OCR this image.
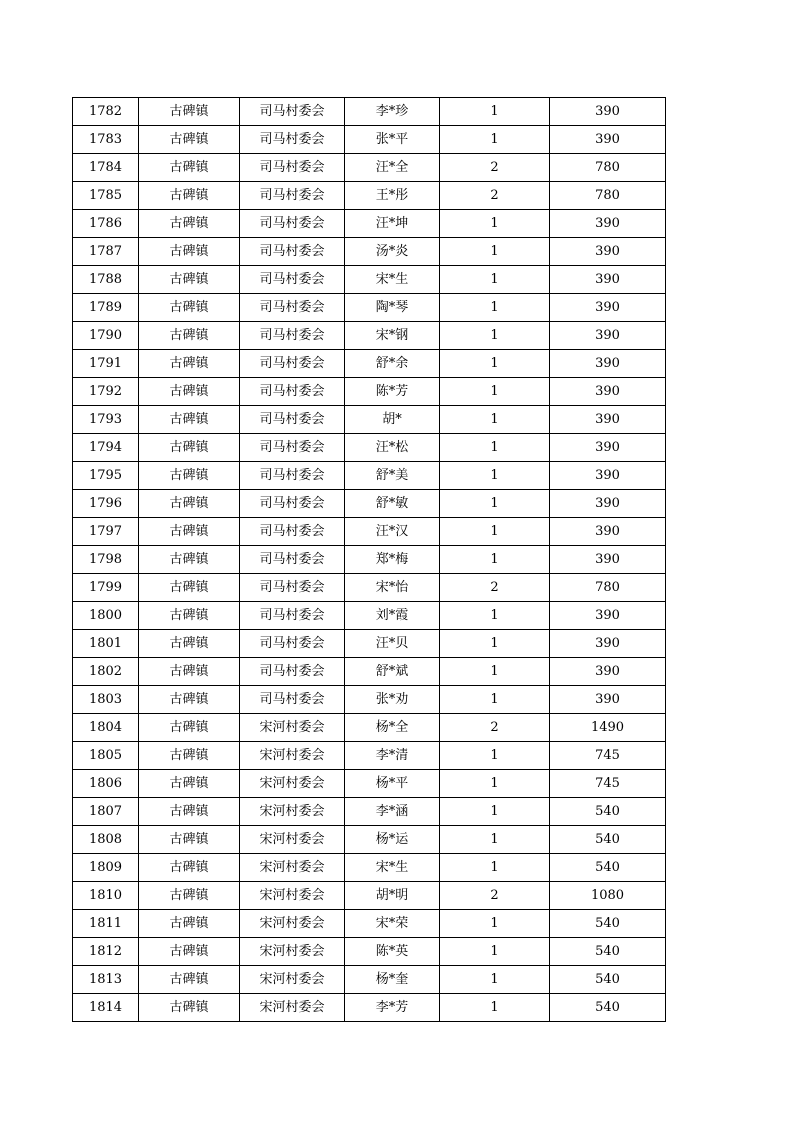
1782	古碑镇	司马村委会	李*珍	1	390
1783	古碑镇	司马村委会	张*平	1	390
1784	古碑镇	司马村委会	汪*全	2	780
1785	古碑镇	司马村委会	王*彤	2	780
1786	古碑镇	司马村委会	汪*坤	1	390
1787	古碑镇	司马村委会	汤*炎	1	390
1788	古碑镇	司马村委会	宋*生	1	390
1789	古碑镇	司马村委会	陶*琴	1	390
1790	古碑镇	司马村委会	宋*钢	1	390
1791	古碑镇	司马村委会	舒*余	1	390
1792	古碑镇	司马村委会	陈*芳	1	390
1793	古碑镇	司马村委会	胡*	1	390
1794	古碑镇	司马村委会	汪*松	1	390
1795	古碑镇	司马村委会	舒*美	1	390
1796	古碑镇	司马村委会	舒*敏	1	390
1797	古碑镇	司马村委会	汪*汉	1	390
1798	古碑镇	司马村委会	郑*梅	1	390
1799	古碑镇	司马村委会	宋*怡	2	780
1800	古碑镇	司马村委会	刘*霞	1	390
1801	古碑镇	司马村委会	汪*贝	1	390
1802	古碑镇	司马村委会	舒*斌	1	390
1803	古碑镇	司马村委会	张*劝	1	390
1804	古碑镇	宋河村委会	杨*全	2	1490
1805	古碑镇	宋河村委会	李*清	1	745
1806	古碑镇	宋河村委会	杨*平	1	745
1807	古碑镇	宋河村委会	李*涵	1	540
1808	古碑镇	宋河村委会	杨*运	1	540
1809	古碑镇	宋河村委会	宋*生	1	540
1810	古碑镇	宋河村委会	胡*明	2	1080
1811	古碑镇	宋河村委会	宋*荣	1	540
1812	古碑镇	宋河村委会	陈*英	1	540
1813	古碑镇	宋河村委会	杨*奎	1	540
1814	古碑镇	宋河村委会	李*芳	1	540
